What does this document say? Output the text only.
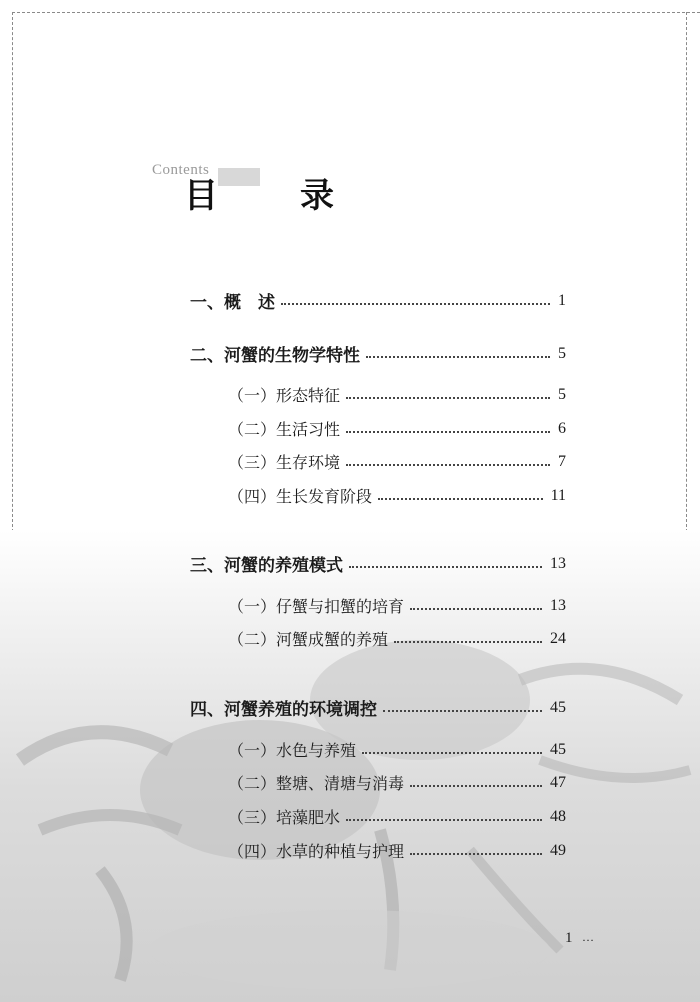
Contents
目　录
一、概　述	1
二、河蟹的生物学特性	5
（一）形态特征	5
（二）生活习性	6
（三）生存环境	7
（四）生长发育阶段	11
三、河蟹的养殖模式	13
（一）仔蟹与扣蟹的培育	13
（二）河蟹成蟹的养殖	24
四、河蟹养殖的环境调控	45
（一）水色与养殖	45
（二）整塘、清塘与消毒	47
（三）培藻肥水	48
（四）水草的种植与护理	49
1 …
